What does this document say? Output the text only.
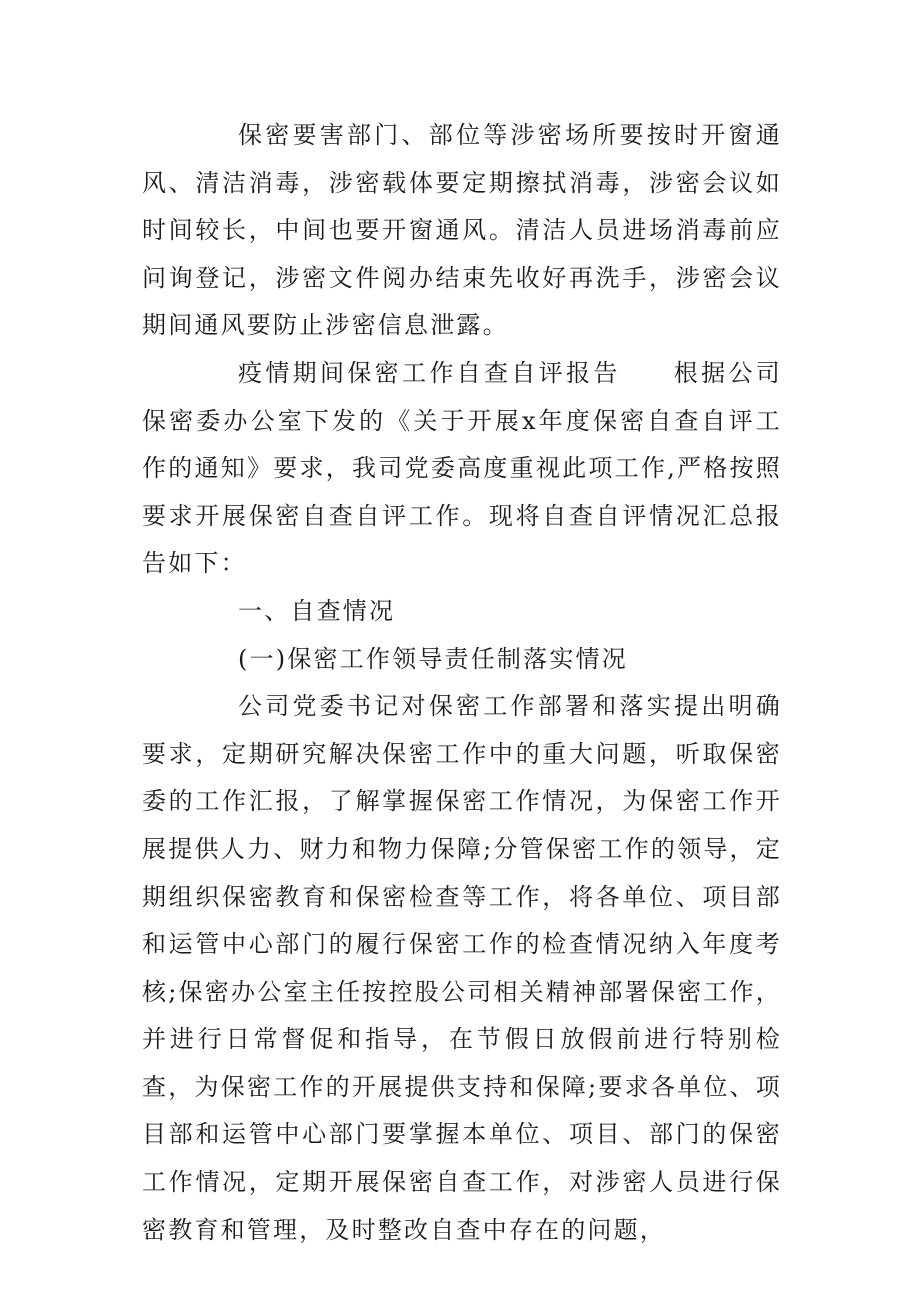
保密要害部门、部位等涉密场所要按时开窗通风、清洁消毒，涉密载体要定期擦拭消毒，涉密会议如时间较长，中间也要开窗通风。清洁人员进场消毒前应问询登记，涉密文件阅办结束先收好再洗手，涉密会议期间通风要防止涉密信息泄露。

疫情期间保密工作自查自评报告 根据公司保密委办公室下发的《关于开展x年度保密自查自评工作的通知》要求，我司党委高度重视此项工作,严格按照要求开展保密自查自评工作。现将自查自评情况汇总报告如下：

一、自查情况

(一)保密工作领导责任制落实情况

公司党委书记对保密工作部署和落实提出明确要求，定期研究解决保密工作中的重大问题，听取保密委的工作汇报，了解掌握保密工作情况，为保密工作开展提供人力、财力和物力保障;分管保密工作的领导，定期组织保密教育和保密检查等工作，将各单位、项目部和运管中心部门的履行保密工作的检查情况纳入年度考核;保密办公室主任按控股公司相关精神部署保密工作，并进行日常督促和指导，在节假日放假前进行特别检查，为保密工作的开展提供支持和保障;要求各单位、项目部和运管中心部门要掌握本单位、项目、部门的保密工作情况，定期开展保密自查工作，对涉密人员进行保密教育和管理，及时整改自查中存在的问题，
